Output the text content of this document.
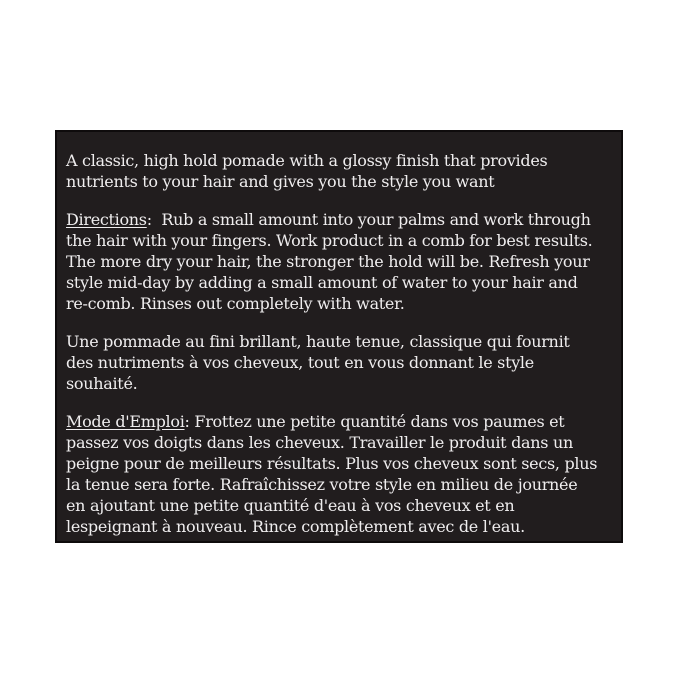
A classic, high hold pomade with a glossy finish that provides
nutrients to your hair and gives you the style you want
Directions:  Rub a small amount into your palms and work through
the hair with your fingers. Work product in a comb for best results.
The more dry your hair, the stronger the hold will be. Refresh your
style mid-day by adding a small amount of water to your hair and
re-comb. Rinses out completely with water.
Une pommade au fini brillant, haute tenue, classique qui fournit
des nutriments à vos cheveux, tout en vous donnant le style
souhaité.
Mode d'Emploi: Frottez une petite quantité dans vos paumes et
passez vos doigts dans les cheveux. Travailler le produit dans un
peigne pour de meilleurs résultats. Plus vos cheveux sont secs, plus
la tenue sera forte. Rafraîchissez votre style en milieu de journée
en ajoutant une petite quantité d'eau à vos cheveux et en
lespeignant à nouveau. Rince complètement avec de l'eau.
